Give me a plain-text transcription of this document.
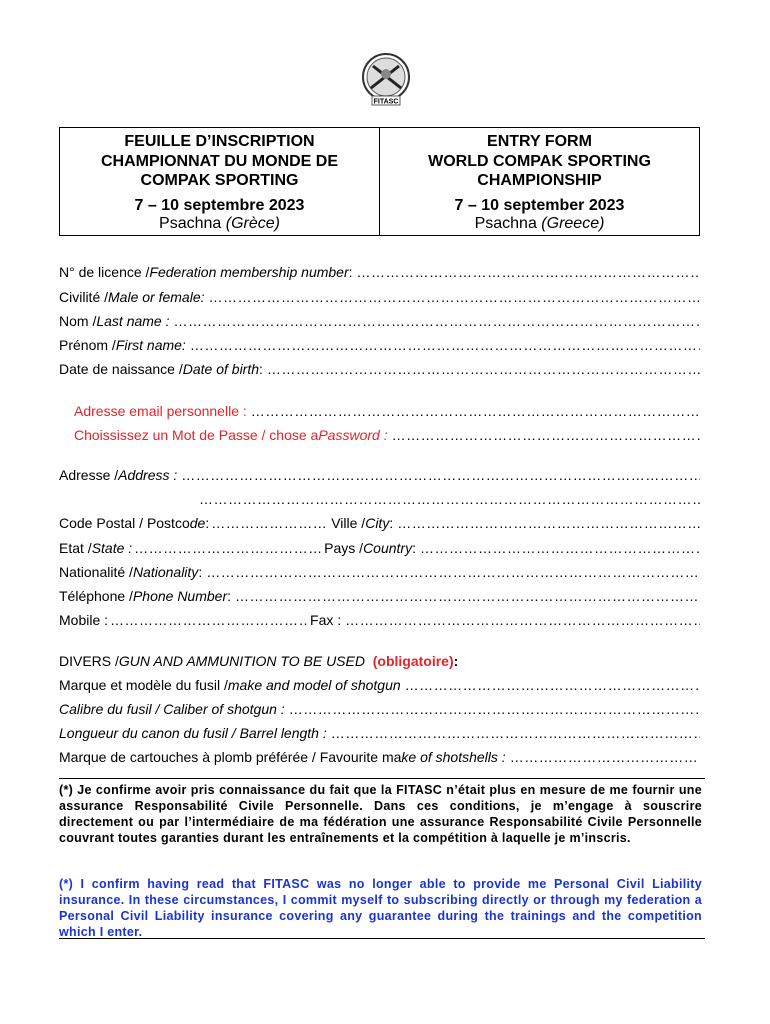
FITASC
FEUILLE D’INSCRIPTION
CHAMPIONNAT DU MONDE DE
COMPAK SPORTING
7 – 10 septembre 2023
Psachna (Grèce)
ENTRY FORM
WORLD COMPAK SPORTING
CHAMPIONSHIP
7 – 10 september 2023
Psachna (Greece)
N° de licence / Federation membership number :
…………………………………………………………………………………………………………………………………………………………………………………………
Civilité / Male or female:
…………………………………………………………………………………………………………………………………………………………………………………………
Nom / Last name :
…………………………………………………………………………………………………………………………………………………………………………………………
Prénom / First name:
…………………………………………………………………………………………………………………………………………………………………………………………
Date de naissance / Date of birth :
…………………………………………………………………………………………………………………………………………………………………………………………
Adresse email personnelle :
…………………………………………………………………………………………………………………………………………………………………………………………
Choississez un Mot de Passe / chose a Password :
…………………………………………………………………………………………………………………………………………………………………………………………
Adresse / Address :
…………………………………………………………………………………………………………………………………………………………………………………………
…………………………………………………………………………………………………………………………………………………………………………………………
Code Postal / Postco de : …………………………………………………………………………………………………………………………	Ville / City :
…………………………………………………………………………………………………………………………………………………………………………………………
Etat / State : …………………………………………………………………………………………………………………………	Pays / Country :
…………………………………………………………………………………………………………………………………………………………………………………………
Nationalité / Nationality :
…………………………………………………………………………………………………………………………………………………………………………………………
Téléphone / Phone Number :
…………………………………………………………………………………………………………………………………………………………………………………………
Mobile : …………………………………………………………………………………………………………………………	Fax :
…………………………………………………………………………………………………………………………………………………………………………………………
DIVERS / GUN AND AMMUNITION TO BE USED
(obligatoire) :
Marque et modèle du fusil / make and model of shotgun
…………………………………………………………………………………………………………………………………………………………………………………………
Calibre du fusil / Caliber of shotgun :
…………………………………………………………………………………………………………………………………………………………………………………………
Longueur du canon du fusil / Barrel length :
…………………………………………………………………………………………………………………………………………………………………………………………
Marque de cartouches à plomb préférée / Favourite ma ke of shotshells :
…………………………………………………………………………………………………………………………………………………………………………………………
(*) Je confirme avoir pris connaissance du fait que la FITASC n’était plus en mesure de me fournir une assurance Responsabilité Civile Personnelle. Dans ces conditions, je m’engage à souscrire directement ou par l’intermédiaire de ma fédération une assurance Responsabilité Civile Personnelle couvrant toutes garanties durant les entraînements et la compétition à laquelle je m’inscris.
(*) I confirm having read that FITASC was no longer able to provide me Personal Civil Liability insurance. In these circumstances, I commit myself to subscribing directly or through my federation a Personal Civil Liability insurance covering any guarantee during the trainings and the competition which I enter.
